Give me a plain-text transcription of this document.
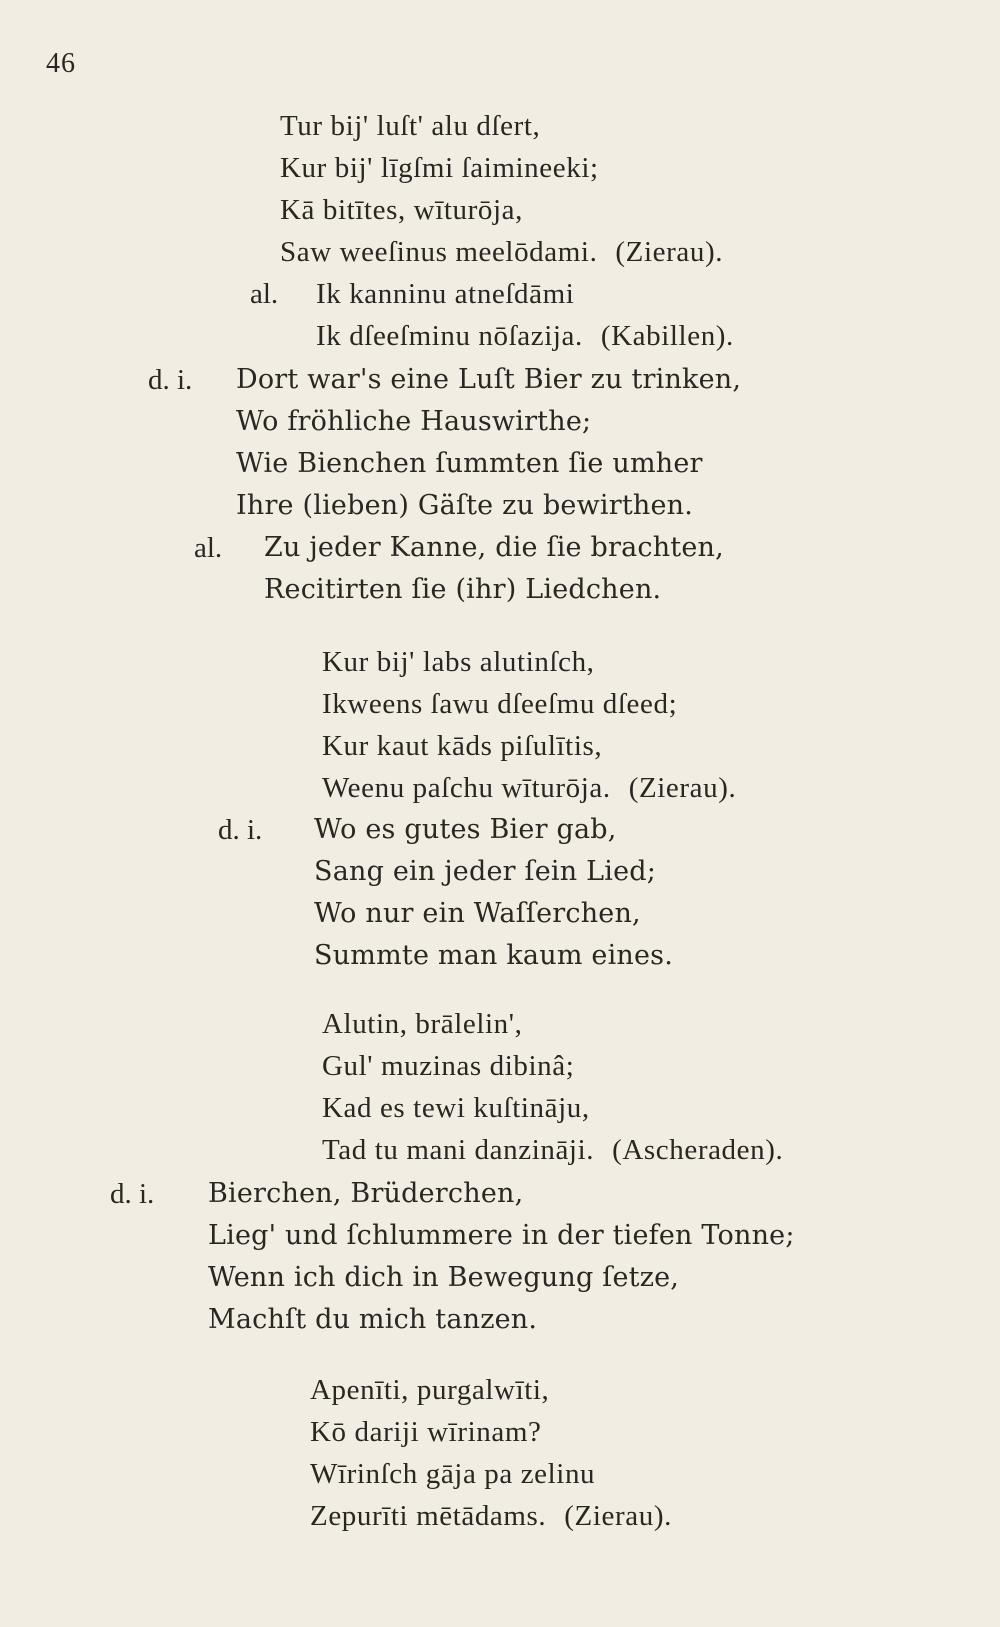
46
Tur bij' luſt' alu dſert,
Kur bij' līgſmi ſaimineeki;
Kā bitītes, wīturōja,
Saw weeſinus meelōdami. (Zierau).
al. Ik kanninu atneſdāmi
Ik dſeeſminu nōſazija. (Kabillen).
d. i. Dort war's eine Luſt Bier zu trinken,
Wo fröhliche Hauswirthe;
Wie Bienchen ſummten ſie umher
Ihre (lieben) Gäſte zu bewirthen.
al. Zu jeder Kanne, die ſie brachten,
Recitirten ſie (ihr) Liedchen.
Kur bij' labs alutinſch,
Ikweens ſawu dſeeſmu dſeed;
Kur kaut kāds piſulītis,
Weenu paſchu wīturōja. (Zierau).
d. i. Wo es gutes Bier gab,
Sang ein jeder ſein Lied;
Wo nur ein Waſſerchen,
Summte man kaum eines.
Alutin, brālelin',
Gul' muzinas dibinâ;
Kad es tewi kuſtināju,
Tad tu mani danzināji. (Ascheraden).
d. i. Bierchen, Brüderchen,
Lieg' und ſchlummere in der tiefen Tonne;
Wenn ich dich in Bewegung ſetze,
Machſt du mich tanzen.
Apenīti, purgalwīti,
Kō dariji wīrinam?
Wīrinſch gāja pa zelinu
Zepurīti mētādams. (Zierau).
